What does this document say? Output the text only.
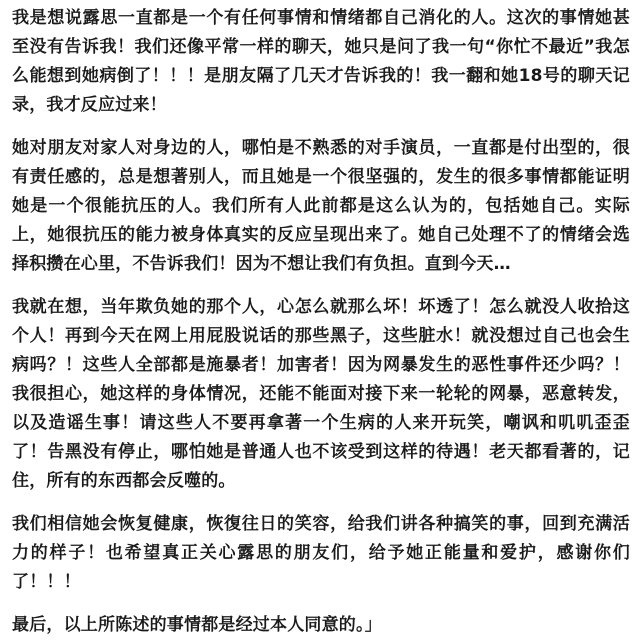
我是想说露思一直都是一个有任何事情和情绪都自己消化的人。这次的事情她甚至没有告诉我！我们还像平常一样的聊天，她只是问了我一句“你忙不最近”我怎么能想到她病倒了！！！是朋友隔了几天才告诉我的！我一翻和她18号的聊天记录，我才反应过来！

她对朋友对家人对身边的人，哪怕是不熟悉的对手演员，一直都是付出型的，很有责任感的，总是想著别人，而且她是一个很坚强的，发生的很多事情都能证明她是一个很能抗压的人。我们所有人此前都是这么认为的，包括她自己。实际上，她很抗压的能力被身体真实的反应呈现出来了。她自己处理不了的情绪会选择积攒在心里，不告诉我们！因为不想让我们有负担。直到今天…

我就在想，当年欺负她的那个人，心怎么就那么坏！坏透了！怎么就没人收拾这个人！再到今天在网上用屁股说话的那些黑子，这些脏水！就没想过自己也会生病吗？！这些人全部都是施暴者！加害者！因为网暴发生的恶性事件还少吗？！我很担心，她这样的身体情况，还能不能面对接下来一轮轮的网暴，恶意转发，以及造谣生事！请这些人不要再拿著一个生病的人来开玩笑，嘲讽和叽叽歪歪了！告黑没有停止，哪怕她是普通人也不该受到这样的待遇！老天都看著的，记住，所有的东西都会反噬的。

我们相信她会恢复健康，恢復往日的笑容，给我们讲各种搞笑的事，回到充满活力的样子！也希望真正关心露思的朋友们，给予她正能量和爱护，感谢你们了！！！

最后，以上所陈述的事情都是经过本人同意的。」
